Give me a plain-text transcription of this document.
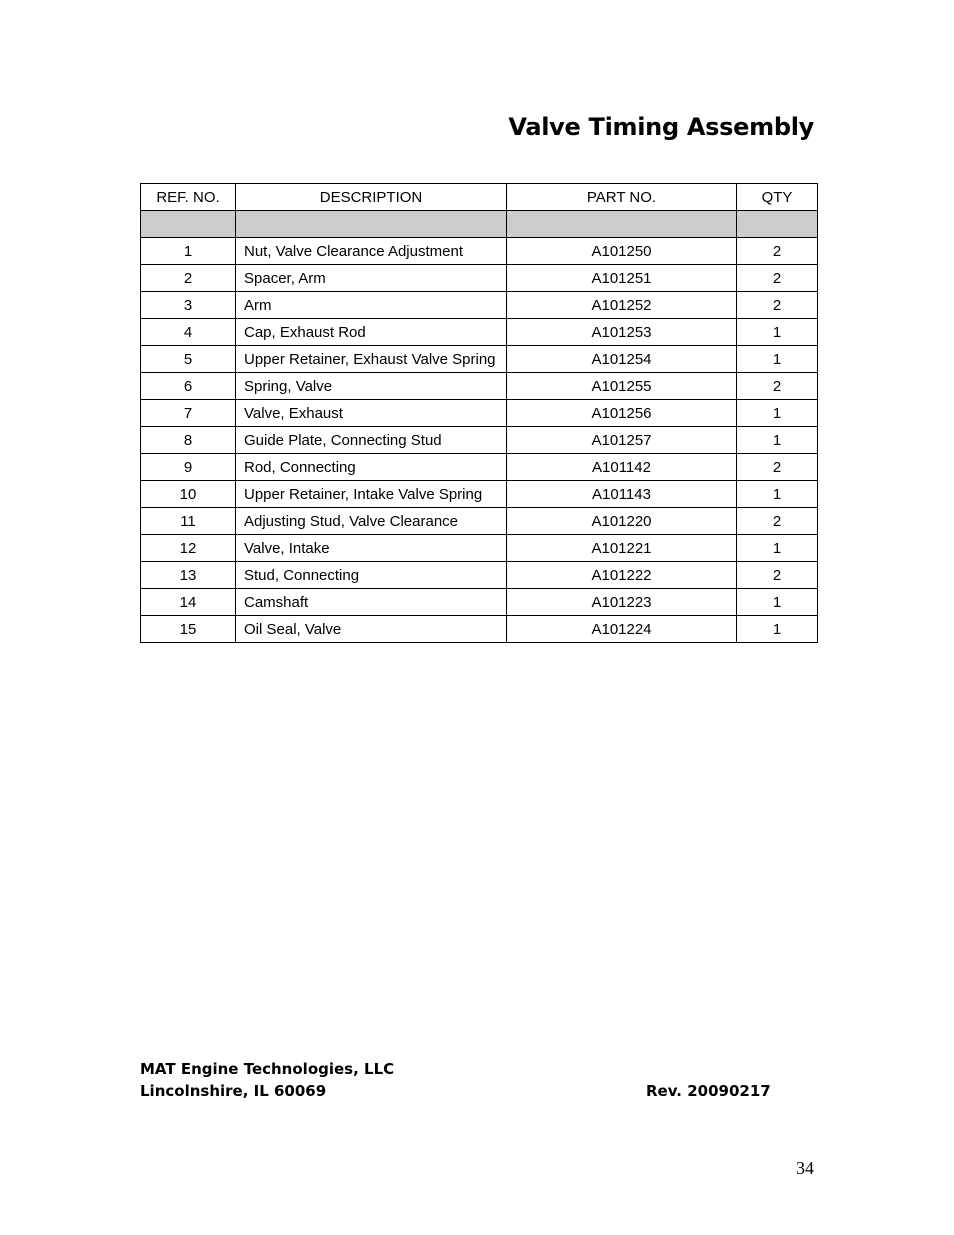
Valve Timing Assembly
REF. NO.	DESCRIPTION	PART NO.	QTY

1	Nut, Valve Clearance Adjustment	A101250	2
2	Spacer, Arm	A101251	2
3	Arm	A101252	2
4	Cap, Exhaust Rod	A101253	1
5	Upper Retainer, Exhaust Valve Spring	A101254	1
6	Spring, Valve	A101255	2
7	Valve, Exhaust	A101256	1
8	Guide Plate, Connecting Stud	A101257	1
9	Rod, Connecting	A101142	2
10	Upper Retainer, Intake Valve Spring	A101143	1
11	Adjusting Stud, Valve Clearance	A101220	2
12	Valve, Intake	A101221	1
13	Stud, Connecting	A101222	2
14	Camshaft	A101223	1
15	Oil Seal, Valve	A101224	1
MAT Engine Technologies, LLC
Lincolnshire, IL 60069	Rev. 20090217
34
